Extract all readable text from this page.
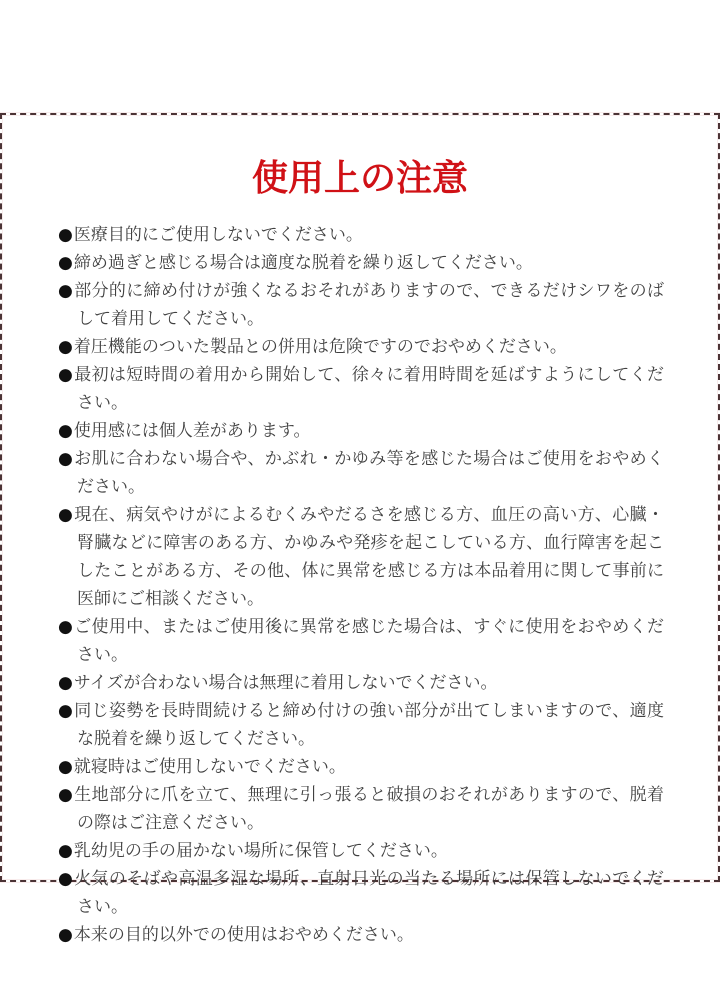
使用上の注意
●医療目的にご使用しないでください。
●締め過ぎと感じる場合は適度な脱着を繰り返してください。
●部分的に締め付けが強くなるおそれがありますので、できるだけシワをのばして着用してください。
●着圧機能のついた製品との併用は危険ですのでおやめください。
●最初は短時間の着用から開始して、徐々に着用時間を延ばすようにしてください。
●使用感には個人差があります。
●お肌に合わない場合や、かぶれ・かゆみ等を感じた場合はご使用をおやめください。
●現在、病気やけがによるむくみやだるさを感じる方、血圧の高い方、心臓・腎臓などに障害のある方、かゆみや発疹を起こしている方、血行障害を起こしたことがある方、その他、体に異常を感じる方は本品着用に関して事前に医師にご相談ください。
●ご使用中、またはご使用後に異常を感じた場合は、すぐに使用をおやめください。
●サイズが合わない場合は無理に着用しないでください。
●同じ姿勢を長時間続けると締め付けの強い部分が出てしまいますので、適度な脱着を繰り返してください。
●就寝時はご使用しないでください。
●生地部分に爪を立て、無理に引っ張ると破損のおそれがありますので、脱着の際はご注意ください。
●乳幼児の手の届かない場所に保管してください。
●火気のそばや高温多湿な場所、直射日光の当たる場所には保管しないでください。
●本来の目的以外での使用はおやめください。
